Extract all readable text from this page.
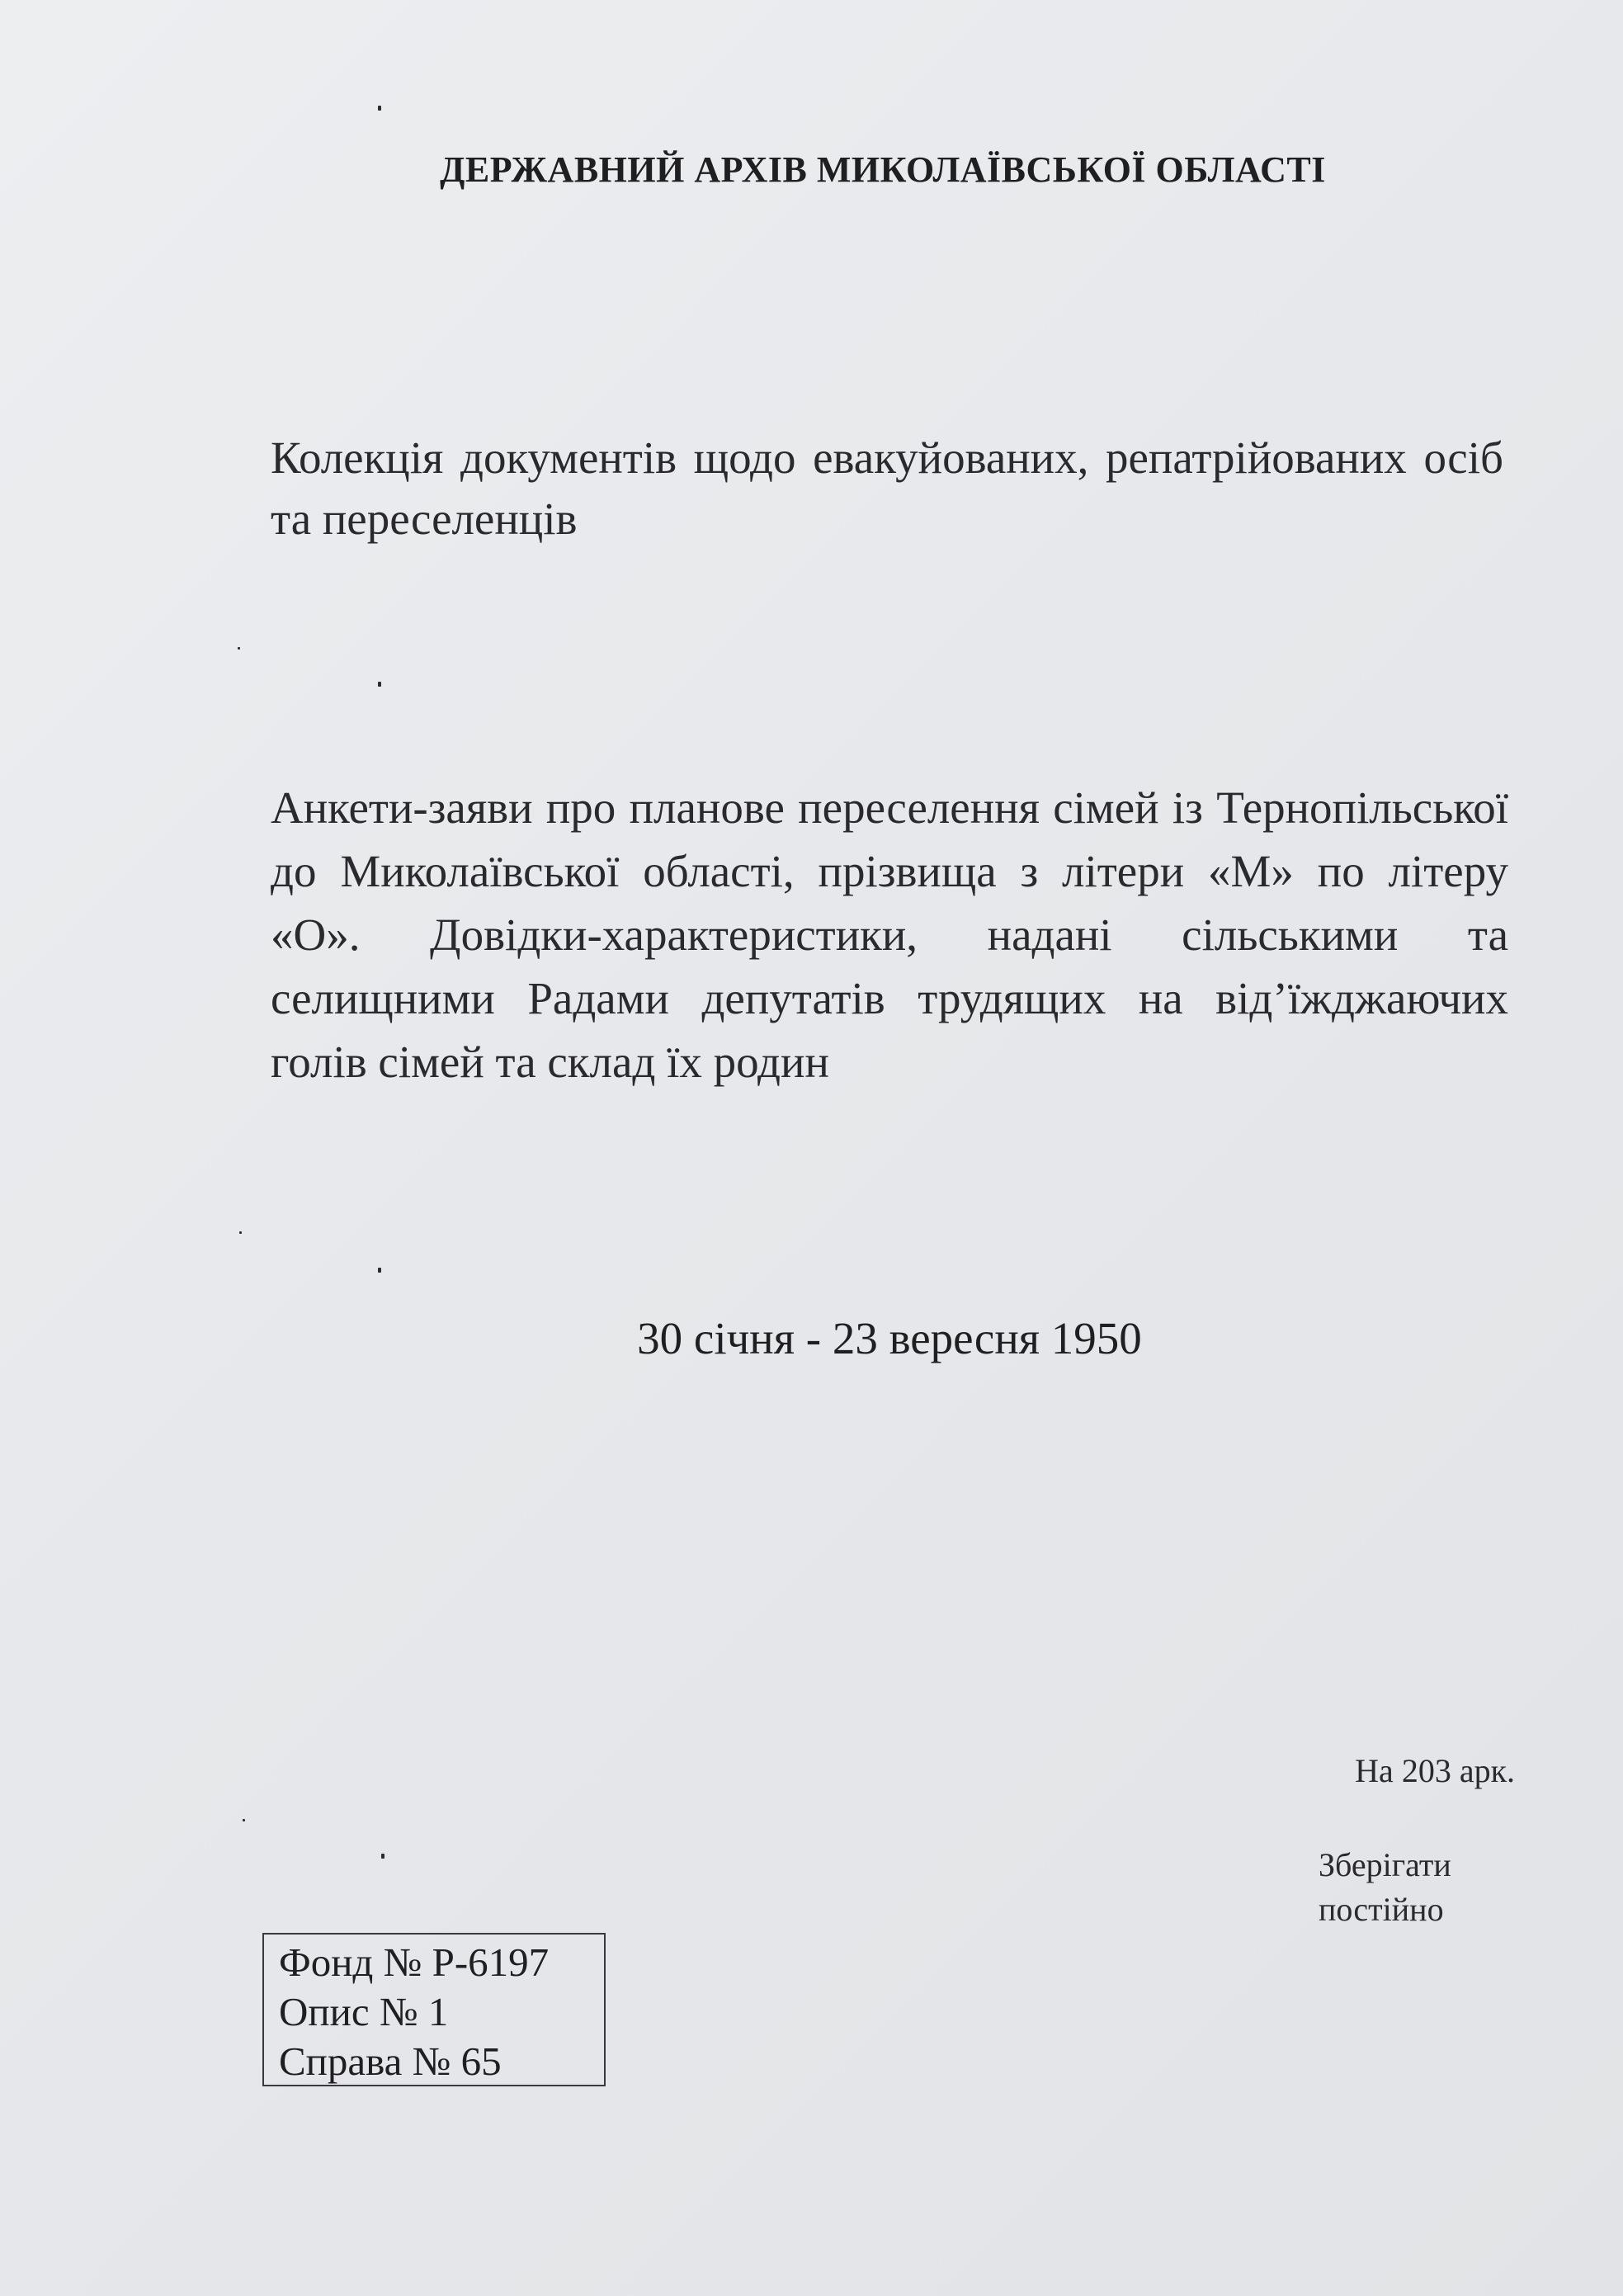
ДЕРЖАВНИЙ АРХІВ МИКОЛАЇВСЬКОЇ ОБЛАСТІ
Колекція документів щодо евакуйованих, репатрійованих осіб та переселенців
Анкети-заяви про планове переселення сімей із Тернопільської до Миколаївської області, прізвища з літери «М» по літеру «О». Довідки-характеристики, надані сільськими та селищними Радами депутатів трудящих на від’їжджаючих голів сімей та склад їх родин
30 січня - 23 вересня 1950
На 203 арк.
Зберігати
постійно
Фонд № Р-6197
Опис № 1
Справа № 65
